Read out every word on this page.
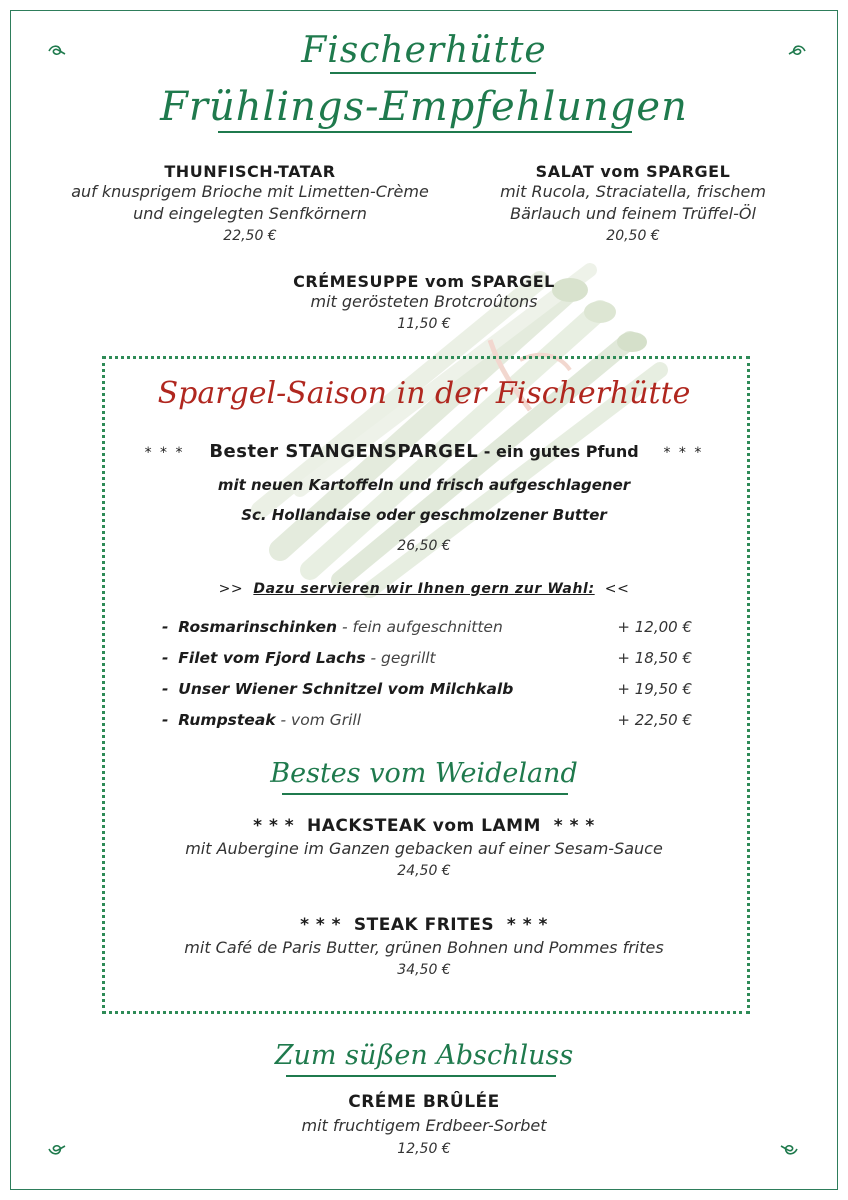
Fischerhütte
Frühlings-Empfehlungen
THUNFISCH-TATAR
auf knusprigem Brioche mit Limetten-Crème
und eingelegten Senfkörnern
22,50 €
SALAT vom SPARGEL
mit Rucola, Straciatella, frischem
Bärlauch und feinem Trüffel-Öl
20,50 €
CRÉMESUPPE vom SPARGEL
mit gerösteten Brotcroûtons
11,50 €
Spargel-Saison in der Fischerhütte
* * * Bester STANGENSPARGEL - ein gutes Pfund * * *
mit neuen Kartoffeln und frisch aufgeschlagener
Sc. Hollandaise oder geschmolzener Butter
26,50 €
>> Dazu servieren wir Ihnen gern zur Wahl: <<
- Rosmarinschinken - fein aufgeschnitten	+ 12,00 €
- Filet vom Fjord Lachs - gegrillt	+ 18,50 €
- Unser Wiener Schnitzel vom Milchkalb	+ 19,50 €
- Rumpsteak - vom Grill	+ 22,50 €
Bestes vom Weideland
* * *  HACKSTEAK vom LAMM  * * *
mit Aubergine im Ganzen gebacken auf einer Sesam-Sauce
24,50 €
* * *  STEAK FRITES  * * *
mit Café de Paris Butter, grünen Bohnen und Pommes frites
34,50 €
Zum süßen Abschluss
CRÉME BRÛLÉE
mit fruchtigem Erdbeer-Sorbet
12,50 €
